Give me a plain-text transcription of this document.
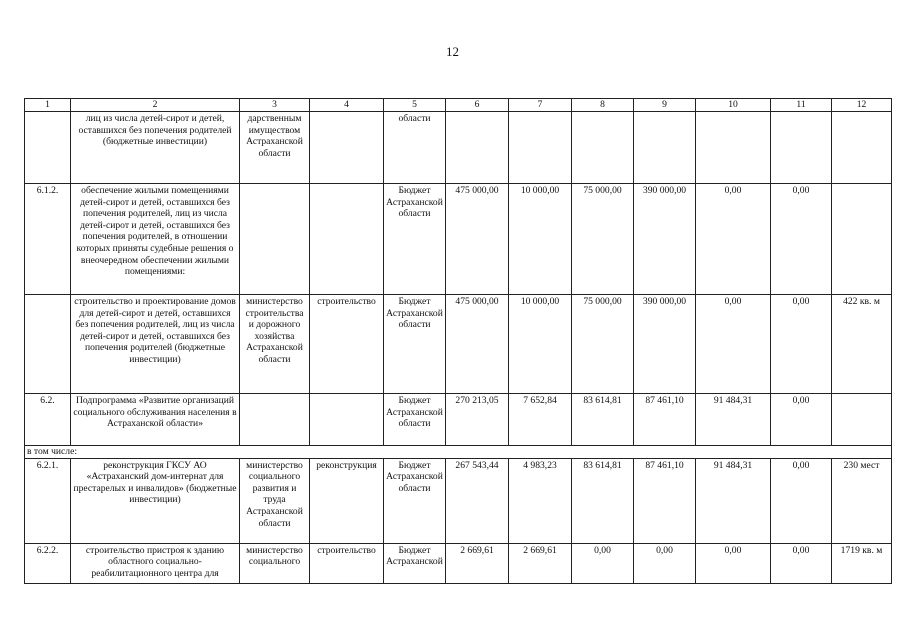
12
1	2	3	4	5	6	7	8	9	10	11	12
	лиц из числа детей-сирот и детей, оставшихся без попечения родителей (бюджетные инвестиции)	дарственным имуществом Астраханской области		области							
6.1.2.	обеспечение жилыми помещениями детей-сирот и детей, оставшихся без попечения родителей, лиц из числа детей-сирот и детей, оставшихся без попечения родителей, в отношении которых приняты судебные решения о внеочередном обеспечении жилыми помещениями:			Бюджет Астраханской области	475 000,00	10 000,00	75 000,00	390 000,00	0,00	0,00	
	строительство и проектирование домов для детей-сирот и детей, оставшихся без попечения родителей, лиц из числа детей-сирот и детей, оставшихся без попечения родителей (бюджетные инвестиции)	министерство строительства и дорожного хозяйства Астраханской области	строительство	Бюджет Астраханской области	475 000,00	10 000,00	75 000,00	390 000,00	0,00	0,00	422 кв. м
6.2.	Подпрограмма «Развитие организаций социального обслуживания населения в Астраханской области»			Бюджет Астраханской области	270 213,05	7 652,84	83 614,81	87 461,10	91 484,31	0,00	
в том числе:											
6.2.1.	реконструкция ГКСУ АО «Астраханский дом-интернат для престарелых и инвалидов» (бюджетные инвестиции)	министерство социального развития и труда Астраханской области	реконструкция	Бюджет Астраханской области	267 543,44	4 983,23	83 614,81	87 461,10	91 484,31	0,00	230 мест
6.2.2.	строительство пристроя к зданию областного социально-реабилитационного центра для	министерство социального	строительство	Бюджет Астраханской	2 669,61	2 669,61	0,00	0,00	0,00	0,00	1719 кв. м
